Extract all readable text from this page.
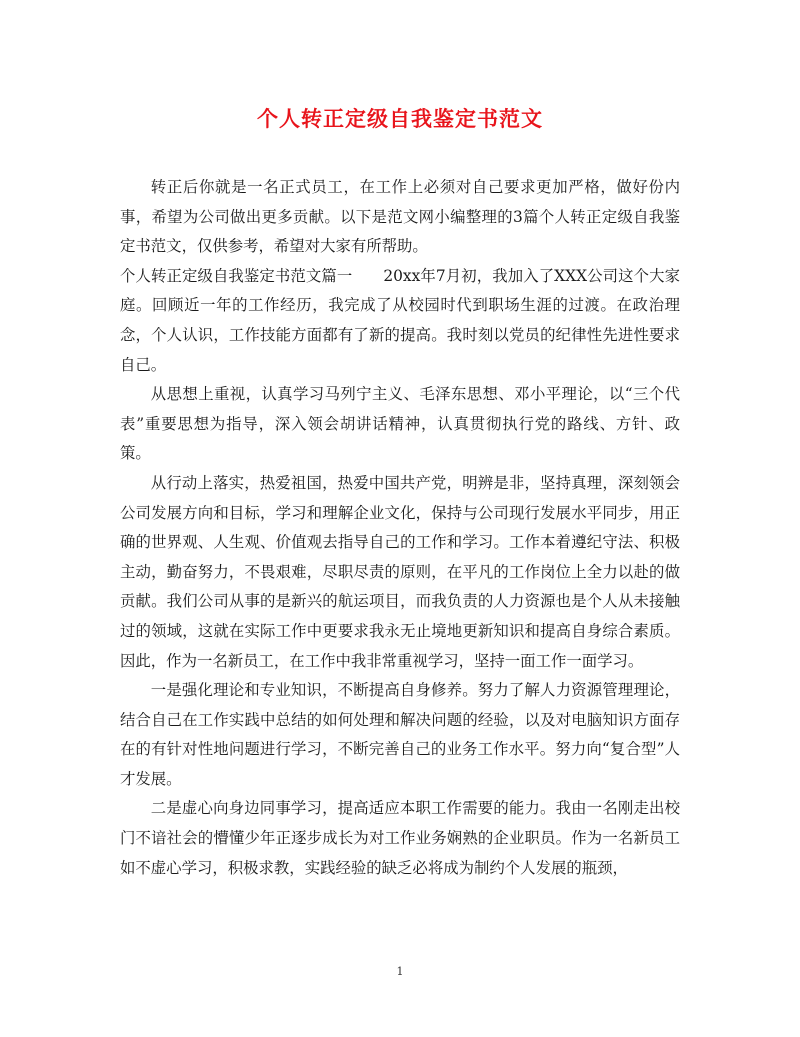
个人转正定级自我鉴定书范文

转正后你就是一名正式员工，在工作上必须对自己要求更加严格，做好份内事，希望为公司做出更多贡献。以下是范文网小编整理的3篇个人转正定级自我鉴定书范文，仅供参考，希望对大家有所帮助。

个人转正定级自我鉴定书范文篇一　　20xx年7月初，我加入了XXX公司这个大家庭。回顾近一年的工作经历，我完成了从校园时代到职场生涯的过渡。在政治理念，个人认识，工作技能方面都有了新的提高。我时刻以党员的纪律性先进性要求自己。

从思想上重视，认真学习马列宁主义、毛泽东思想、邓小平理论，以“三个代表”重要思想为指导，深入领会胡讲话精神，认真贯彻执行党的路线、方针、政策。

从行动上落实，热爱祖国，热爱中国共产党，明辨是非，坚持真理，深刻领会公司发展方向和目标，学习和理解企业文化，保持与公司现行发展水平同步，用正确的世界观、人生观、价值观去指导自己的工作和学习。工作本着遵纪守法、积极主动，勤奋努力，不畏艰难，尽职尽责的原则，在平凡的工作岗位上全力以赴的做贡献。我们公司从事的是新兴的航运项目，而我负责的人力资源也是个人从未接触过的领域，这就在实际工作中更要求我永无止境地更新知识和提高自身综合素质。因此，作为一名新员工，在工作中我非常重视学习，坚持一面工作一面学习。

一是强化理论和专业知识，不断提高自身修养。努力了解人力资源管理理论，结合自己在工作实践中总结的如何处理和解决问题的经验，以及对电脑知识方面存在的有针对性地问题进行学习，不断完善自己的业务工作水平。努力向“复合型”人才发展。

二是虚心向身边同事学习，提高适应本职工作需要的能力。我由一名刚走出校门不谙社会的懵懂少年正逐步成长为对工作业务娴熟的企业职员。作为一名新员工如不虚心学习，积极求教，实践经验的缺乏必将成为制约个人发展的瓶颈，

1
